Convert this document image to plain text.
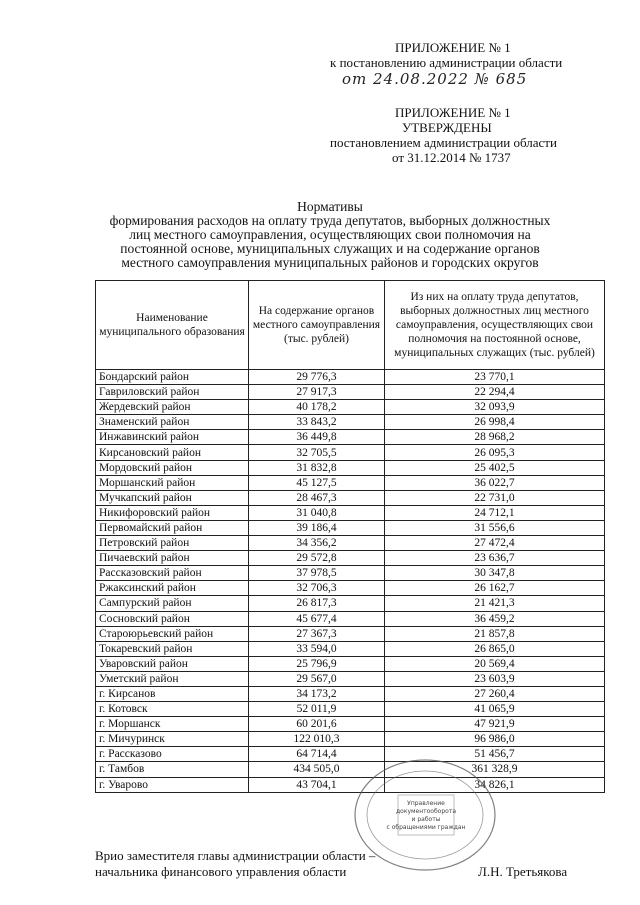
ПРИЛОЖЕНИЕ № 1
к постановлению администрации области
от 24.08.2022 № 685
ПРИЛОЖЕНИЕ № 1
УТВЕРЖДЕНЫ
постановлением администрации области
от 31.12.2014 № 1737
Нормативы
формирования расходов на оплату труда депутатов, выборных должностных
лиц местного самоуправления, осуществляющих свои полномочия на
постоянной основе, муниципальных служащих и на содержание органов
местного самоуправления муниципальных районов и городских округов
Наименование муниципального образования	На содержание органов местного самоуправления (тыс. рублей)	Из них на оплату труда депутатов, выборных должностных лиц местного самоуправления, осуществляющих свои полномочия на постоянной основе, муниципальных служащих (тыс. рублей)
Бондарский район	29 776,3	23 770,1
Гавриловский район	27 917,3	22 294,4
Жердевский район	40 178,2	32 093,9
Знаменский район	33 843,2	26 998,4
Инжавинский район	36 449,8	28 968,2
Кирсановский район	32 705,5	26 095,3
Мордовский район	31 832,8	25 402,5
Моршанский район	45 127,5	36 022,7
Мучкапский район	28 467,3	22 731,0
Никифоровский район	31 040,8	24 712,1
Первомайский район	39 186,4	31 556,6
Петровский район	34 356,2	27 472,4
Пичаевский район	29 572,8	23 636,7
Рассказовский район	37 978,5	30 347,8
Ржаксинский район	32 706,3	26 162,7
Сампурский район	26 817,3	21 421,3
Сосновский район	45 677,4	36 459,2
Староюрьевский район	27 367,3	21 857,8
Токаревский район	33 594,0	26 865,0
Уваровский район	25 796,9	20 569,4
Уметский район	29 567,0	23 603,9
г. Кирсанов	34 173,2	27 260,4
г. Котовск	52 011,9	41 065,9
г. Моршанск	60 201,6	47 921,9
г. Мичуринск	122 010,3	96 986,0
г. Рассказово	64 714,4	51 456,7
г. Тамбов	434 505,0	361 328,9
г. Уварово	43 704,1	34 826,1
Врио заместителя главы администрации области –
начальника финансового управления области	Л.Н. Третьякова
Управление
документооборота
и работы
с обращениями граждан
